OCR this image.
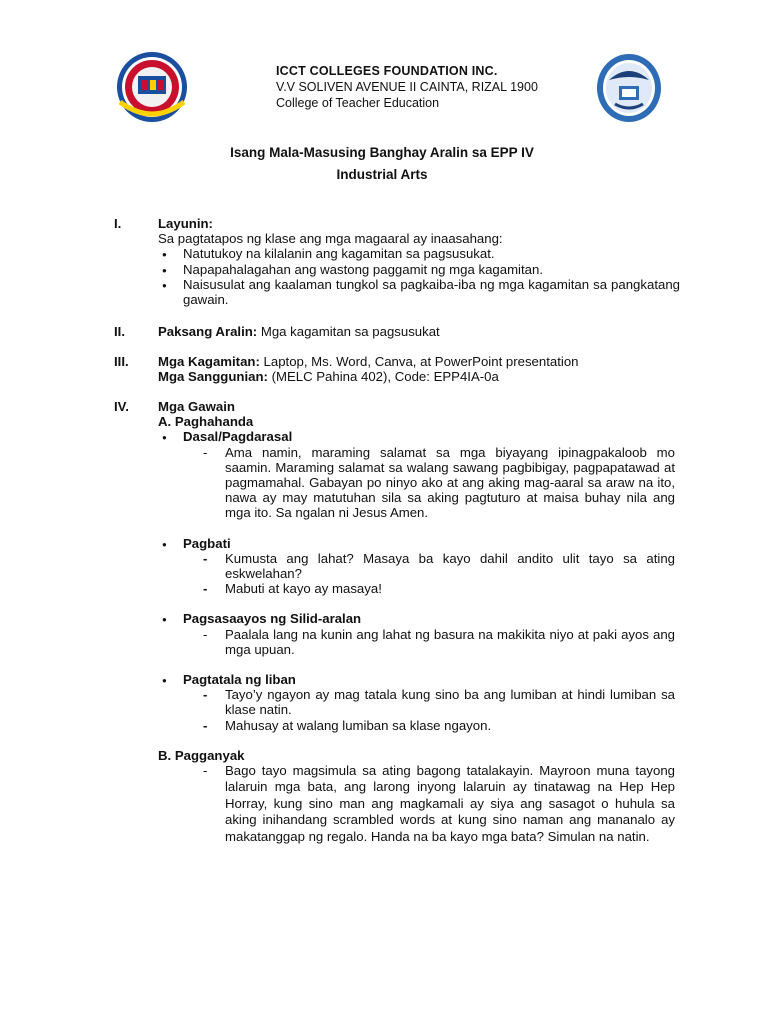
ICCT COLLEGES FOUNDATION INC.
V.V SOLIVEN AVENUE II CAINTA, RIZAL 1900
College of Teacher Education
Isang Mala-Masusing Banghay Aralin sa EPP IV
Industrial Arts
I.	Layunin:
Sa pagtatapos ng klase ang mga magaaral ay inaasahang:
● Natutukoy na kilalanin ang kagamitan sa pagsusukat.
● Napapahalagahan ang wastong paggamit ng mga kagamitan.
● Naisusulat ang kaalaman tungkol sa pagkaiba-iba ng mga kagamitan sa pangkatang gawain.
II.	Paksang Aralin: Mga kagamitan sa pagsusukat
III. Mga Kagamitan: Laptop, Ms. Word, Canva, at PowerPoint presentation
Mga Sanggunian: (MELC Pahina 402), Code: EPP4IA-0a
IV. Mga Gawain
A. Paghahanda
● Dasal/Pagdarasal
- Ama namin, maraming salamat sa mga biyayang ipinagpakaloob mo saamin. Maraming salamat sa walang sawang pagbibigay, pagpapatawad at pagmamahal. Gabayan po ninyo ako at ang aking mag-aaral sa araw na ito, nawa ay may matutuhan sila sa aking pagtuturo at maisa buhay nila ang mga ito. Sa ngalan ni Jesus Amen.
● Pagbati
- Kumusta ang lahat? Masaya ba kayo dahil andito ulit tayo sa ating eskwelahan?
- Mabuti at kayo ay masaya!
● Pagsasaayos ng Silid-aralan
- Paalala lang na kunin ang lahat ng basura na makikita niyo at paki ayos ang mga upuan.
● Pagtatala ng liban
- Tayo’y ngayon ay mag tatala kung sino ba ang lumiban at hindi lumiban sa klase natin.
- Mahusay at walang lumiban sa klase ngayon.
B. Pagganyak
- Bago tayo magsimula sa ating bagong tatalakayin. Mayroon muna tayong lalaruin mga bata, ang larong inyong lalaruin ay tinatawag na Hep Hep Horray, kung sino man ang magkamali ay siya ang sasagot o huhula sa aking inihandang scrambled words at kung sino naman ang mananalo ay makatanggap ng regalo. Handa na ba kayo mga bata? Simulan na natin.
